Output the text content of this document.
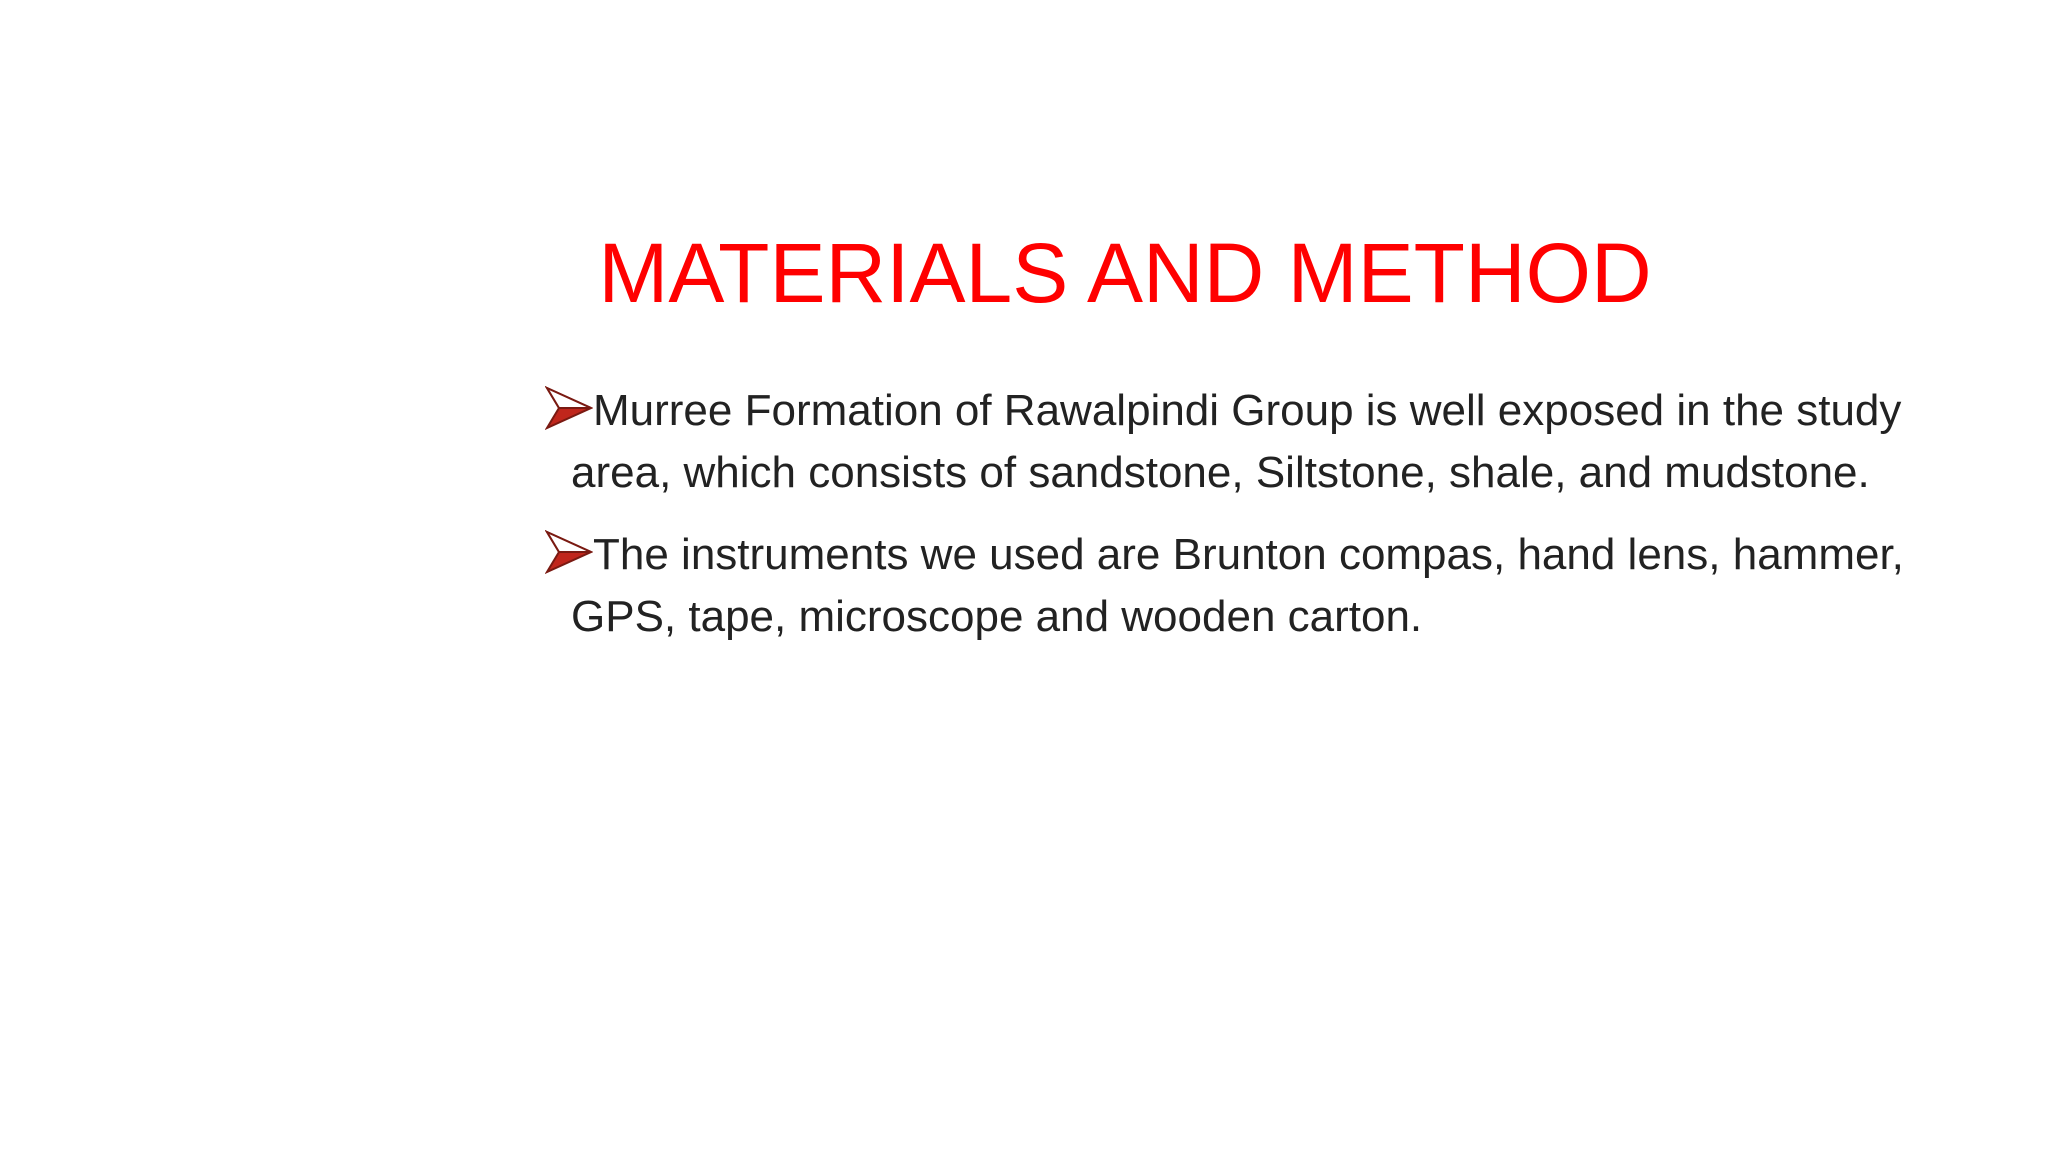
MATERIALS AND METHOD
Murree Formation of Rawalpindi Group is well exposed in the study area, which consists of sandstone, Siltstone, shale, and mudstone.
The instruments we used are Brunton compas, hand lens, hammer, GPS, tape, microscope and wooden carton.
